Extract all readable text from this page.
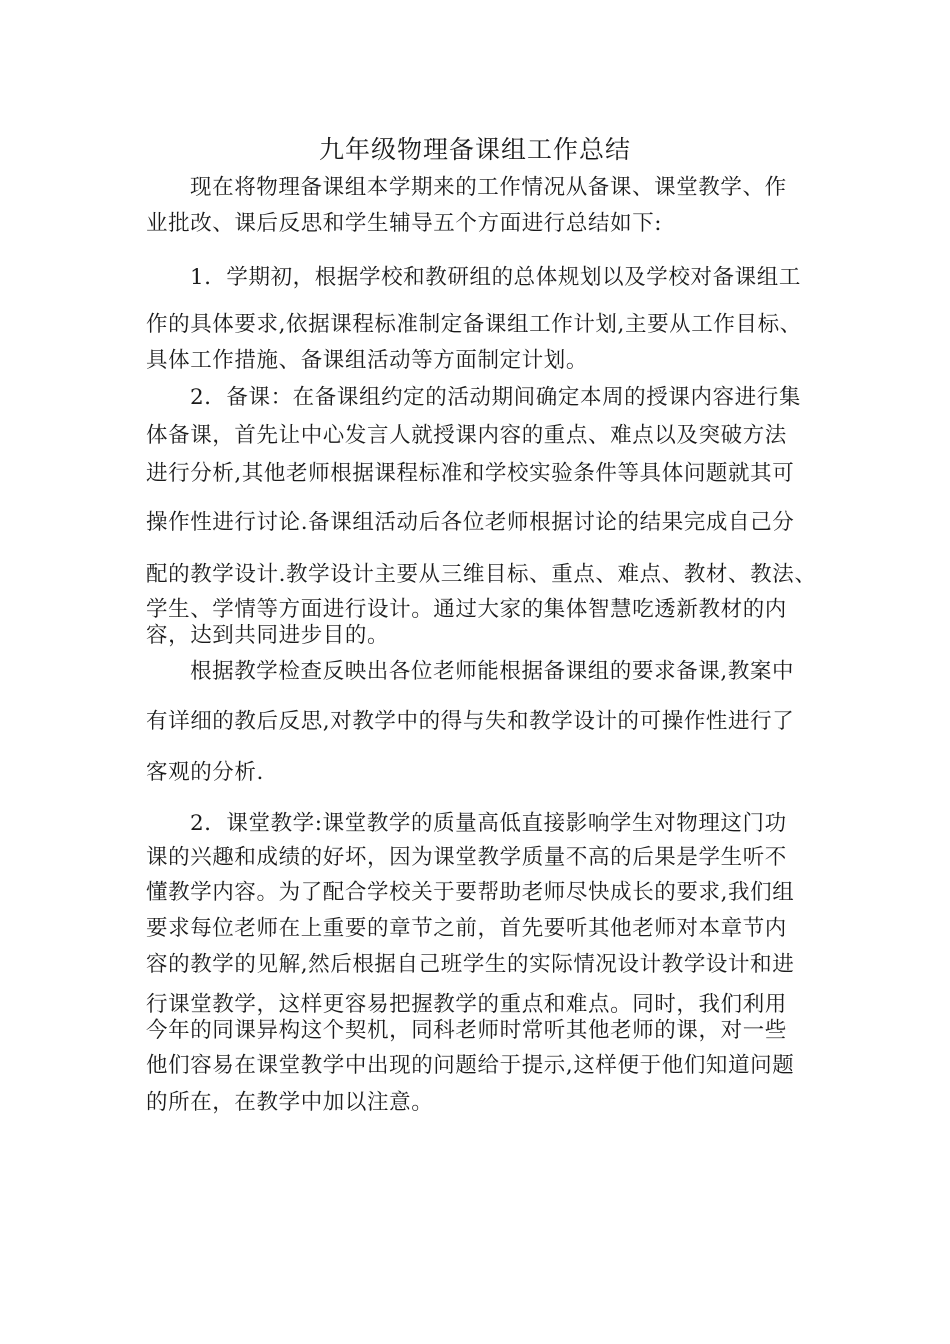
九年级物理备课组工作总结
现在将物理备课组本学期来的工作情况从备课、课堂教学、作
业批改、课后反思和学生辅导五个方面进行总结如下:
1．学期初，根据学校和教研组的总体规划以及学校对备课组工
作的具体要求,依据课程标准制定备课组工作计划,主要从工作目标、
具体工作措施、备课组活动等方面制定计划。
2．备课：在备课组约定的活动期间确定本周的授课内容进行集
体备课，首先让中心发言人就授课内容的重点、难点以及突破方法
进行分析,其他老师根据课程标准和学校实验条件等具体问题就其可
操作性进行讨论.备课组活动后各位老师根据讨论的结果完成自己分
配的教学设计.教学设计主要从三维目标、重点、难点、教材、教法、
学生、学情等方面进行设计。通过大家的集体智慧吃透新教材的内
容，达到共同进步目的。
根据教学检查反映出各位老师能根据备课组的要求备课,教案中
有详细的教后反思,对教学中的得与失和教学设计的可操作性进行了
客观的分析.
2．课堂教学:课堂教学的质量高低直接影响学生对物理这门功
课的兴趣和成绩的好坏，因为课堂教学质量不高的后果是学生听不
懂教学内容。为了配合学校关于要帮助老师尽快成长的要求,我们组
要求每位老师在上重要的章节之前，首先要听其他老师对本章节内
容的教学的见解,然后根据自己班学生的实际情况设计教学设计和进
行课堂教学，这样更容易把握教学的重点和难点。同时，我们利用
今年的同课异构这个契机，同科老师时常听其他老师的课，对一些
他们容易在课堂教学中出现的问题给于提示,这样便于他们知道问题
的所在，在教学中加以注意。
